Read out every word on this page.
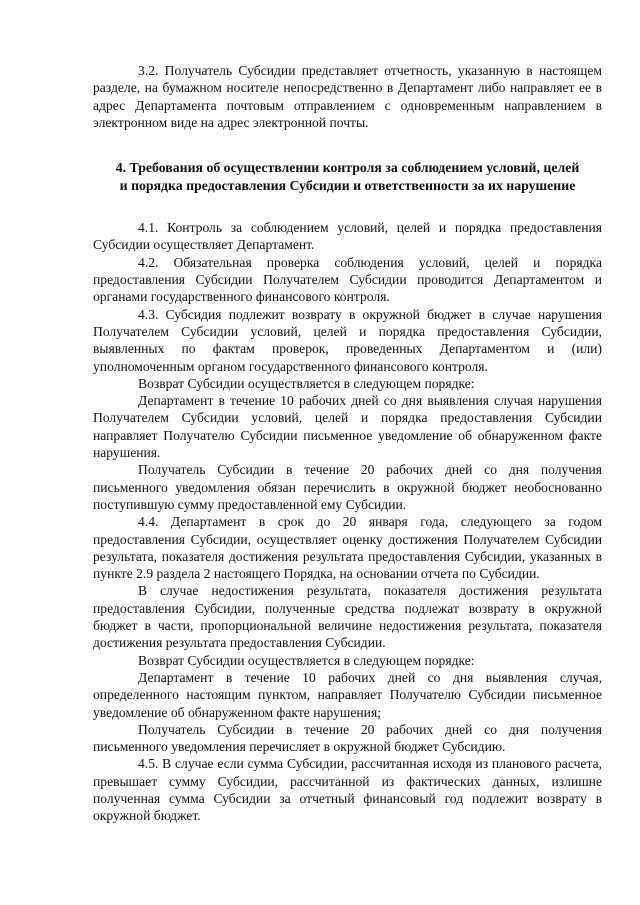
3.2. Получатель Субсидии представляет отчетность, указанную в настоящем разделе, на бумажном носителе непосредственно в Департамент либо направляет ее в адрес Департамента почтовым отправлением с одновременным направлением в электронном виде на адрес электронной почты.

4. Требования об осуществлении контроля за соблюдением условий, целей

и порядка предоставления Субсидии и ответственности за их нарушение

4.1. Контроль за соблюдением условий, целей и порядка предоставления Субсидии осуществляет Департамент.

4.2. Обязательная проверка соблюдения условий, целей и порядка предоставления Субсидии Получателем Субсидии проводится Департаментом и органами государственного финансового контроля.

4.3. Субсидия подлежит возврату в окружной бюджет в случае нарушения Получателем Субсидии условий, целей и порядка предоставления Субсидии, выявленных по фактам проверок, проведенных Департаментом и (или) уполномоченным органом государственного финансового контроля.

Возврат Субсидии осуществляется в следующем порядке:

Департамент в течение 10 рабочих дней со дня выявления случая нарушения Получателем Субсидии условий, целей и порядка предоставления Субсидии направляет Получателю Субсидии письменное уведомление об обнаруженном факте нарушения.

Получатель Субсидии в течение 20 рабочих дней со дня получения письменного уведомления обязан перечислить в окружной бюджет необоснованно поступившую сумму предоставленной ему Субсидии.

4.4. Департамент в срок до 20 января года, следующего за годом предоставления Субсидии, осуществляет оценку достижения Получателем Субсидии результата, показателя достижения результата предоставления Субсидии, указанных в пункте 2.9 раздела 2 настоящего Порядка, на основании отчета по Субсидии.

В случае недостижения результата, показателя достижения результата предоставления Субсидии, полученные средства подлежат возврату в окружной бюджет в части, пропорциональной величине недостижения результата, показателя достижения результата предоставления Субсидии.

Возврат Субсидии осуществляется в следующем порядке:

Департамент в течение 10 рабочих дней со дня выявления случая, определенного настоящим пунктом, направляет Получателю Субсидии письменное уведомление об обнаруженном факте нарушения;

Получатель Субсидии в течение 20 рабочих дней со дня получения письменного уведомления перечисляет в окружной бюджет Субсидию.

4.5. В случае если сумма Субсидии, рассчитанная исходя из планового расчета, превышает сумму Субсидии, рассчитанной из фактических данных, излишне полученная сумма Субсидии за отчетный финансовый год подлежит возврату в окружной бюджет.
